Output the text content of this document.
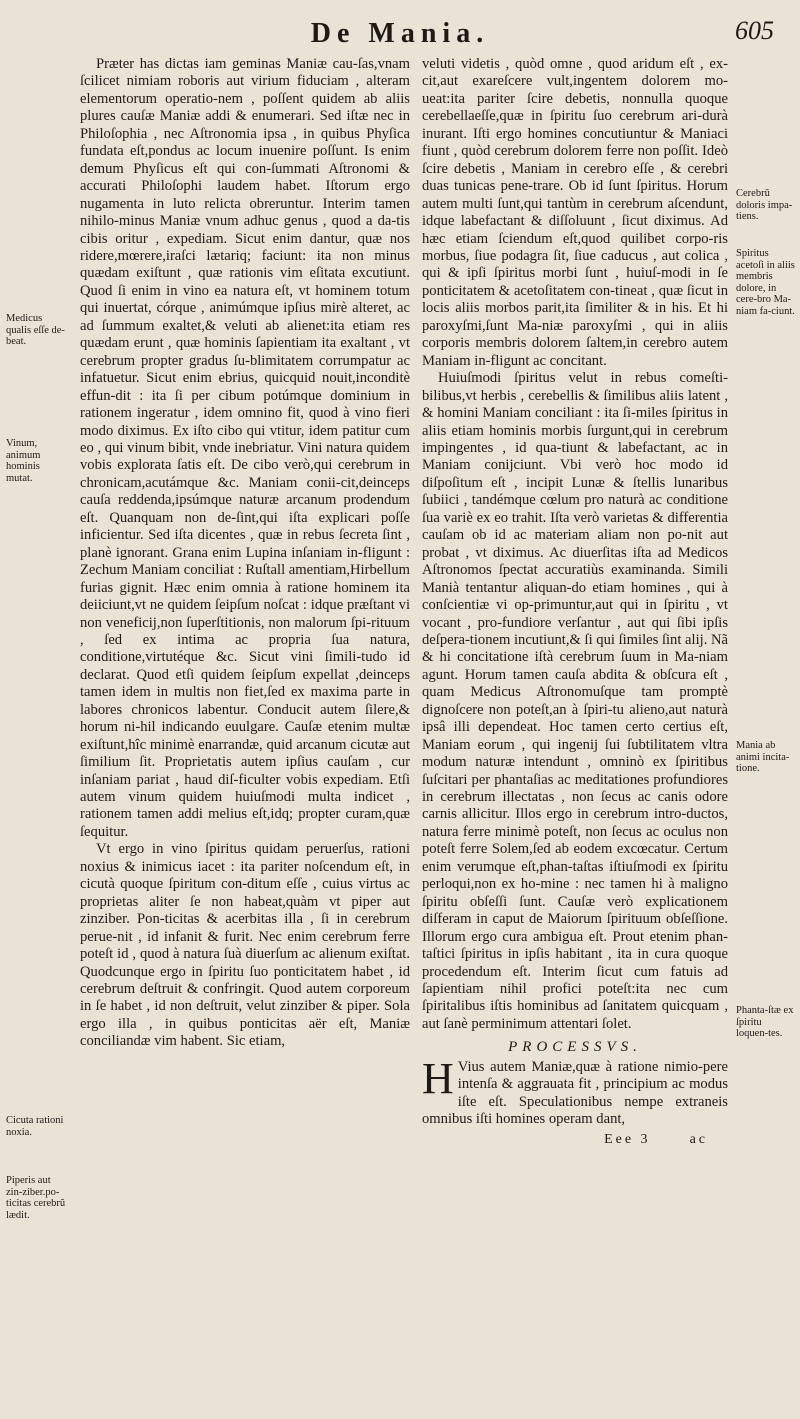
De Mania.	605
Medicus qualis eſſe de-beat.
Vinum, animum hominis mutat.
Cicuta rationi noxia.
Piperis aut zin-ziber.po-ticitas cerebrũ lædit.
Cerebrũ doloris impa-tiens.
Spiritus acetoſi in aliis membris dolore, in cere-bro Ma-niam fa-ciunt.
Mania ab animi incita-tione.
Phanta-ſtæ ex ſpiritu loquen-tes.

Præter has dictas iam geminas Maniæ cau-ſas,vnam ſcilicet nimiam roboris aut virium fiduciam , alteram elementorum operatio-nem , poſſent quidem ab aliis plures cauſæ Maniæ addi & enumerari. Sed iſtæ nec in Philoſophia , nec Aſtronomia ipsa , in quibus Phyſica fundata eſt,pondus ac locum inuenire poſſunt. Is enim demum Phyſicus eſt qui con-ſummati Aſtronomi & accurati Philoſophi laudem habet. Iſtorum ergo nugamenta in luto relicta obreruntur. Interim tamen nihilo-minus Maniæ vnum adhuc genus , quod a da-tis cibis oritur , expediam. Sicut enim dantur, quæ nos ridere,mœrere,iraſci lætariq; faciunt: ita non minus quædam exiſtunt , quæ rationis vim eſitata excutiunt. Quod ſi enim in vino ea natura eſt, vt hominem totum qui inuertat, córque , animúmque ipſius mirè alteret, ac ad ſummum exaltet,& veluti ab alienet:ita etiam res quædam erunt , quæ hominis ſapientiam ita exaltant , vt cerebrum propter gradus ſu-blimitatem corrumpatur ac infatuetur. Sicut enim ebrius, quicquid nouit,inconditè effun-dit : ita ſi per cibum potúmque dominium in rationem ingeratur , idem omnino fit, quod à vino fieri modo diximus. Ex iſto cibo qui vtitur, idem patitur cum eo , qui vinum bibit, vnde inebriatur. Vini natura quidem vobis explorata ſatis eſt. De cibo verò,qui cerebrum in chronicam,acutámque &c. Maniam conii-cit,deinceps cauſa reddenda,ipsúmque naturæ arcanum prodendum eſt. Quanquam non de-ſint,qui iſta explicari poſſe inficientur. Sed iſta dicentes , quæ in rebus ſecreta ſint , planè ignorant. Grana enim Lupina inſaniam in-fligunt : Zechum Maniam conciliat : Ruſtall amentiam,Hirbellum furias gignit. Hæc enim omnia à ratione hominem ita deiiciunt,vt ne quidem ſeipſum noſcat : idque præſtant vi non veneficij,non ſuperſtitionis, non malorum ſpi-rituum , ſed ex intima ac propria ſua natura, conditione,virtutéque &c. Sicut vini ſimili-tudo id declarat. Quod etſi quidem ſeipſum expellat ,deinceps tamen idem in multis non fiet,ſed ex maxima parte in labores chronicos labentur. Conducit autem ſilere,& horum ni-hil indicando euulgare. Cauſæ etenim multæ exiſtunt,hîc minimè enarrandæ, quid arcanum cicutæ aut ſimilium ſit. Proprietatis autem ipſius cauſam , cur inſaniam pariat , haud diſ-ficulter vobis expediam. Etſi autem vinum quidem huiuſmodi multa indicet , rationem tamen addi melius eſt,idq; propter curam,quæ ſequitur.

Vt ergo in vino ſpiritus quidam peruerſus, rationi noxius & inimicus iacet : ita pariter noſcendum eſt, in cicutà quoque ſpiritum con-ditum eſſe , cuius virtus ac proprietas aliter ſe non habeat,quàm vt piper aut zinziber. Pon-ticitas & acerbitas illa , ſi in cerebrum perue-nit , id infanit & furit. Nec enim cerebrum ferre poteſt id , quod à natura ſuà diuerſum ac alienum exiſtat. Quodcunque ergo in ſpiritu ſuo ponticitatem habet , id cerebrum deſtruit & confringit. Quod autem corporeum in ſe habet , id non deſtruit, velut zinziber & piper. Sola ergo illa , in quibus ponticitas aër eſt, Maniæ conciliandæ vim habent. Sic etiam,

veluti videtis , quòd omne , quod aridum eſt , ex-cit,aut exareſcere vult,ingentem dolorem mo-ueat:ita pariter ſcire debetis, nonnulla quoque cerebellaeſſe,quæ in ſpiritu ſuo cerebrum ari-durà inurant. Iſti ergo homines concutiuntur & Maniaci fiunt , quòd cerebrum dolorem ferre non poſſit. Ideò ſcire debetis , Maniam in cerebro eſſe , & cerebri duas tunicas pene-trare. Ob id ſunt ſpiritus. Horum autem multi ſunt,qui tantùm in cerebrum aſcendunt, idque labefactant & diſſoluunt , ſicut diximus. Ad hæc etiam ſciendum eſt,quod quilibet corpo-ris morbus, ſiue podagra ſit, ſiue caducus , aut colica , qui & ipſi ſpiritus morbi ſunt , huiuſ-modi in ſe ponticitatem & acetoſitatem con-tineat , quæ ſicut in locis aliis morbos parit,ita ſimiliter & in his. Et hi paroxyſmi,ſunt Ma-niæ paroxyſmi , qui in aliis corporis membris dolorem ſaltem,in cerebro autem Maniam in-fligunt ac concitant.

Huiuſmodi ſpiritus velut in rebus comeſti-bilibus,vt herbis , cerebellis & ſimilibus aliis latent , & homini Maniam conciliant : ita ſi-miles ſpiritus in aliis etiam hominis morbis ſurgunt,qui in cerebrum impingentes , id qua-tiunt & labefactant, ac in Maniam conijciunt. Vbi verò hoc modo id diſpoſitum eſt , incipit Lunæ & ſtellis lunaribus ſubiici , tandémque cœlum pro naturà ac conditione ſua variè ex eo trahit. Iſta verò varietas & differentia cauſam ob id ac materiam aliam non po-nit aut probat , vt diximus. Ac diuerſitas iſta ad Medicos Aſtronomos ſpectat accuratiùs examinanda. Simili Manià tentantur aliquan-do etiam homines , qui à conſcientiæ vi op-primuntur,aut qui in ſpiritu , vt vocant , pro-fundiore verſantur , aut qui ſibi ipſis deſpera-tionem incutiunt,& ſi qui ſimiles ſint alij. Nã & hi concitatione iſtà cerebrum ſuum in Ma-niam agunt. Horum tamen cauſa abdita & obſcura eſt , quam Medicus Aſtronomuſque tam promptè dignoſcere non poteſt,an à ſpiri-tu alieno,aut naturà ipsâ illi dependeat. Hoc tamen certo certius eſt, Maniam eorum , qui ingenij ſui ſubtilitatem vltra modum naturæ intendunt , omninò ex ſpiritibus ſuſcitari per phantaſias ac meditationes profundiores in cerebrum illectatas , non ſecus ac canis odore carnis allicitur. Illos ergo in cerebrum intro-ductos, natura ferre minimè poteſt, non ſecus ac oculus non poteſt ferre Solem,ſed ab eodem excœcatur. Certum enim verumque eſt,phan-taſtas iſtiuſmodi ex ſpiritu perloqui,non ex ho-mine : nec tamen hi à maligno ſpiritu obſeſſi ſunt. Cauſæ verò explicationem diſferam in caput de Maiorum ſpirituum obſeſſione. Illorum ergo cura ambigua eſt. Prout etenim phan-taſtici ſpiritus in ipſis habitant , ita in cura quoque procedendum eſt. Interim ſicut cum fatuis ad ſapientiam nihil profici poteſt:ita nec cum ſpiritalibus iſtis hominibus ad ſanitatem quicquam , aut ſanè perminimum attentari ſolet.

PROCESSVS.

H Vius autem Maniæ,quæ à ratione nimio-pere intenſa & aggrauata fit , principium ac modus iſte eſt. Speculationibus nempe extraneis omnibus iſti homines operam dant,

Eee 3	ac
